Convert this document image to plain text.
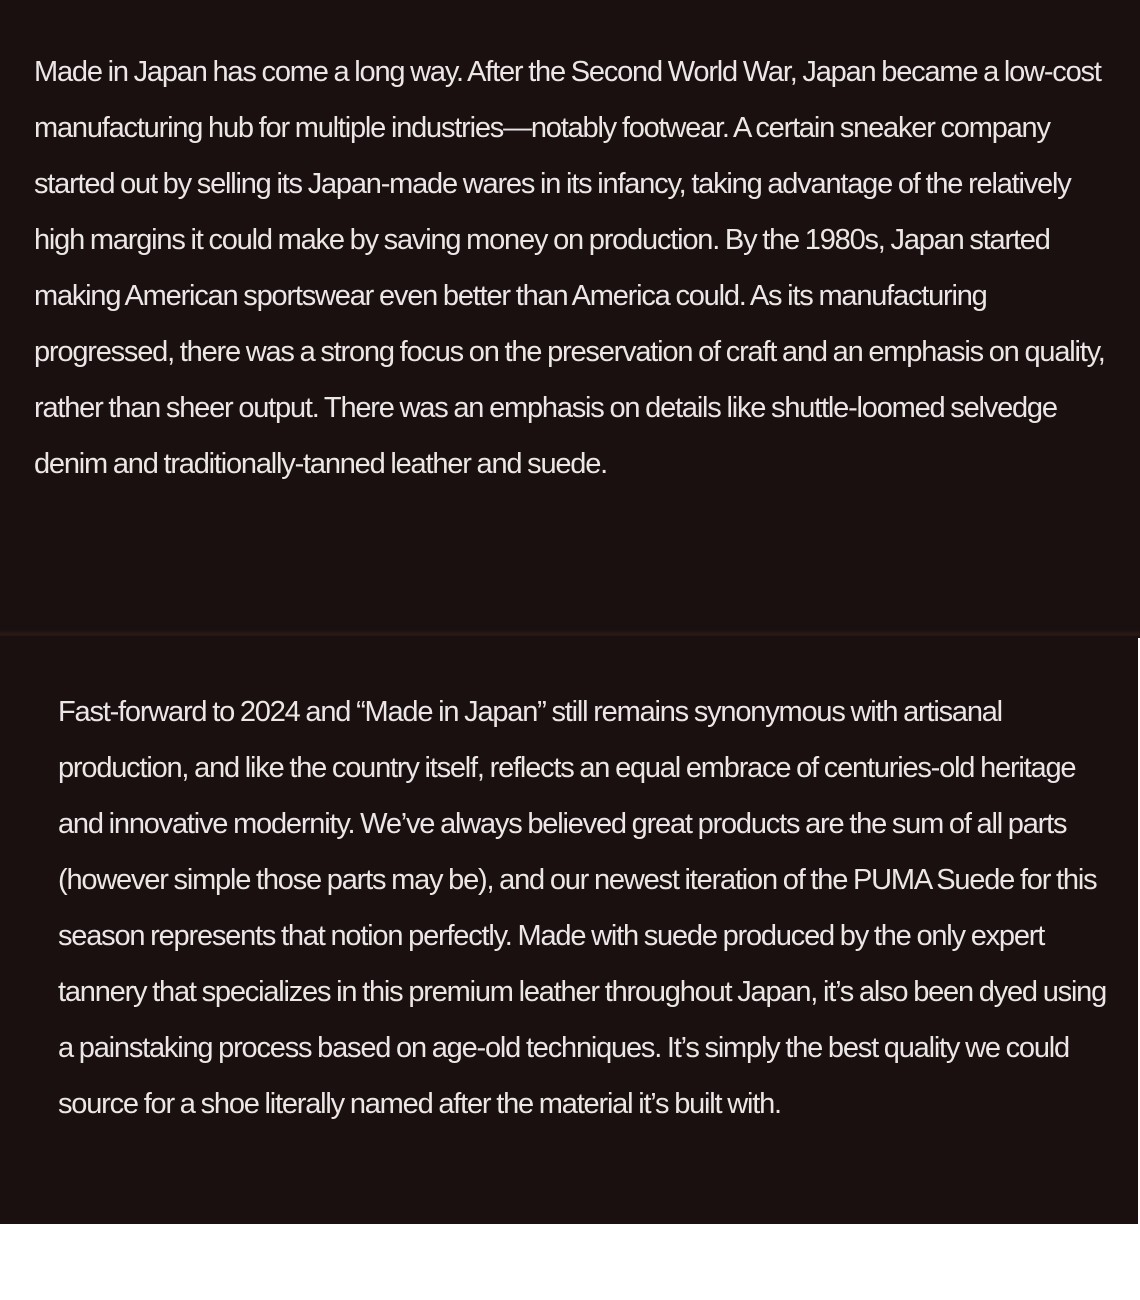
Made in Japan has come a long way. After the Second World War, Japan became a low-cost manufacturing hub for multiple industries—notably footwear. A certain sneaker company started out by selling its Japan-made wares in its infancy, taking advantage of the relatively high margins it could make by saving money on production. By the 1980s, Japan started making American sportswear even better than America could. As its manufacturing progressed, there was a strong focus on the preservation of craft and an emphasis on quality, rather than sheer output. There was an emphasis on details like shuttle-loomed selvedge denim and traditionally-tanned leather and suede.

Fast-forward to 2024 and “Made in Japan” still remains synonymous with artisanal production, and like the country itself, reflects an equal embrace of centuries-old heritage and innovative modernity. We’ve always believed great products are the sum of all parts (however simple those parts may be), and our newest iteration of the PUMA Suede for this season represents that notion perfectly. Made with suede produced by the only expert tannery that specializes in this premium leather throughout Japan, it’s also been dyed using a painstaking process based on age-old techniques. It’s simply the best quality we could source for a shoe literally named after the material it’s built with.
